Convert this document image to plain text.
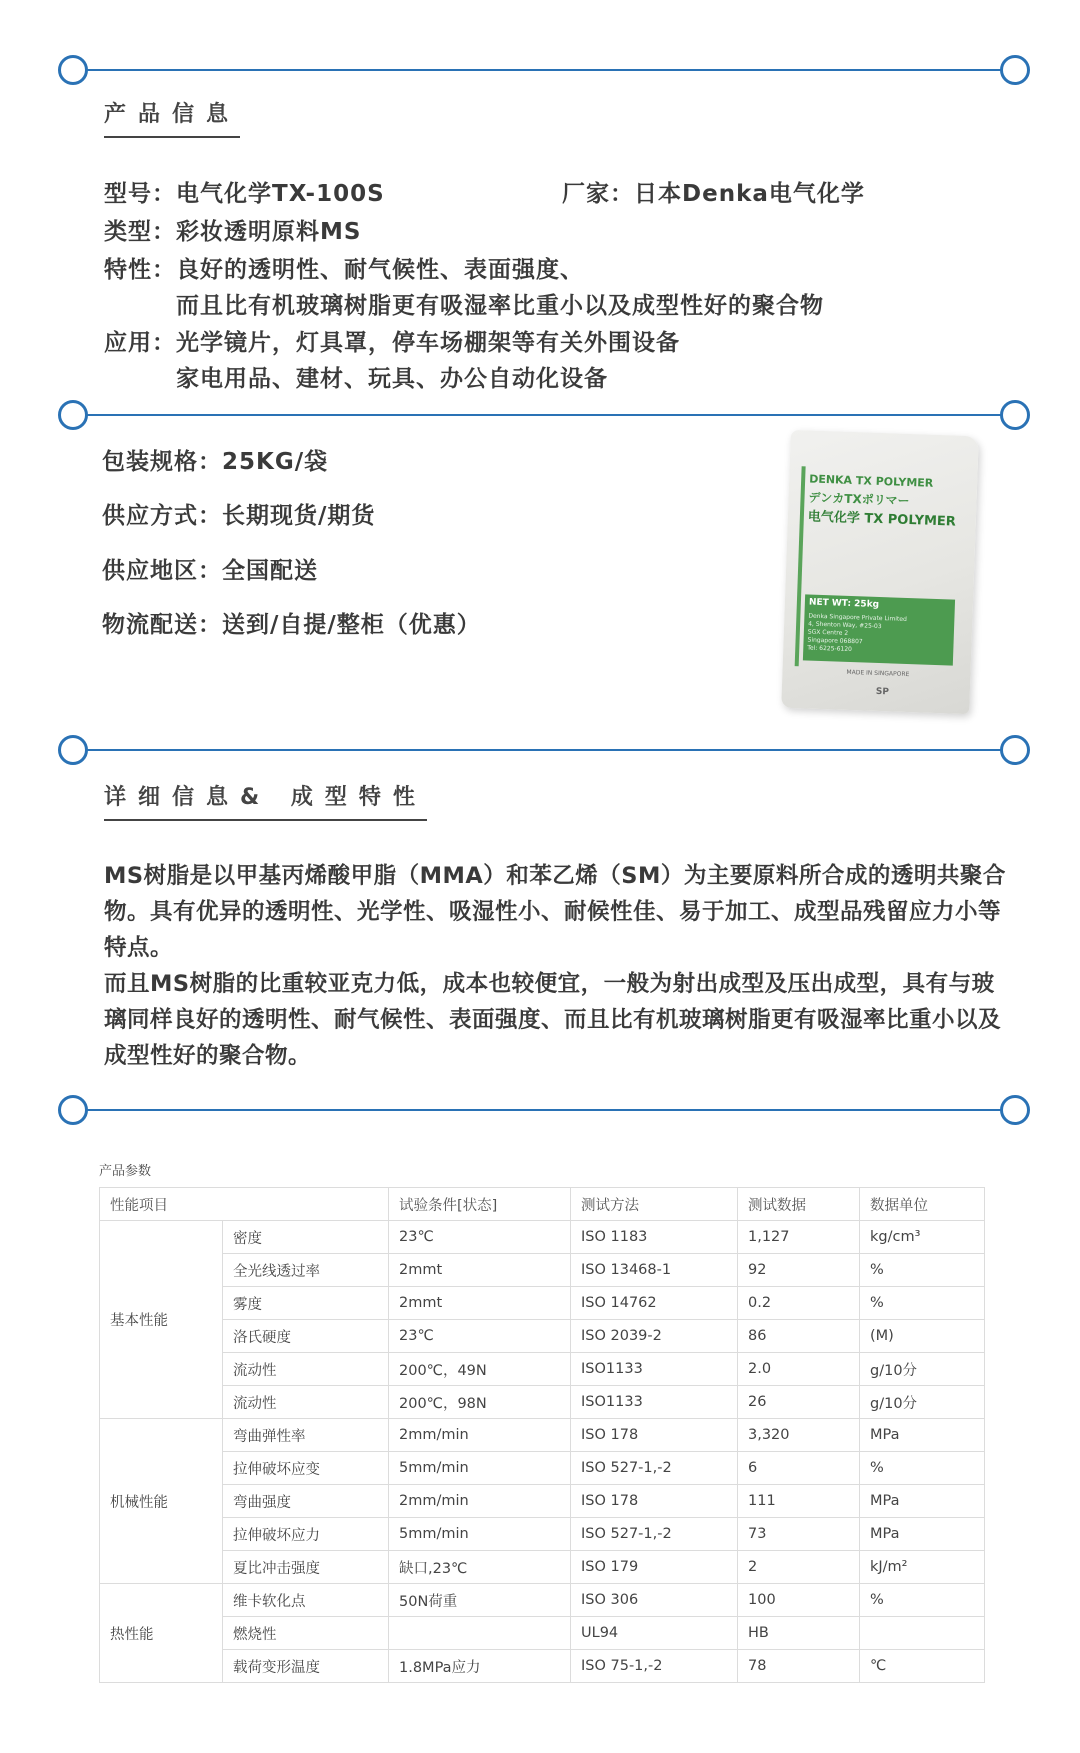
产品信息
型号：电气化学TX-100S	厂家：日本Denka电气化学
类型：彩妆透明原料MS
特性：良好的透明性、耐气候性、表面强度、
而且比有机玻璃树脂更有吸湿率比重小以及成型性好的聚合物
应用：光学镜片，灯具罩，停车场棚架等有关外围设备
家电用品、建材、玩具、办公自动化设备
包装规格：25KG/袋
供应方式：长期现货/期货
供应地区：全国配送
物流配送：送到/自提/整柜（优惠）
DENKA TX POLYMER
デンカTXポリマー
电气化学 TX POLYMER
NET WT: 25kg
Denka Singapore Private Limited
4, Shenton Way, #25-03
SGX Centre 2
Singapore 068807
Tel: 6225-6120
MADE IN SINGAPORE
SP
详细信息& 成型特性

MS树脂是以甲基丙烯酸甲脂（MMA）和苯乙烯（SM）为主要原料所合成的透明共聚合物。具有优异的透明性、光学性、吸湿性小、耐候性佳、易于加工、成型品残留应力小等特点。

而且MS树脂的比重较亚克力低，成本也较便宜，一般为射出成型及压出成型，具有与玻璃同样良好的透明性、耐气候性、表面强度、而且比有机玻璃树脂更有吸湿率比重小以及成型性好的聚合物。

产品参数
性能项目		试验条件[状态]	测试方法	测试数据	数据单位
基本性能	密度	23℃	ISO 1183	1,127	kg/cm³
	全光线透过率	2mmt	ISO 13468-1	92	%
	雾度	2mmt	ISO 14762	0.2	%
	洛氏硬度	23℃	ISO 2039-2	86	(M)
	流动性	200℃，49N	ISO1133	2.0	g/10分
	流动性	200℃，98N	ISO1133	26	g/10分
机械性能	弯曲弹性率	2mm/min	ISO 178	3,320	MPa
	拉伸破坏应变	5mm/min	ISO 527-1,-2	6	%
	弯曲强度	2mm/min	ISO 178	111	MPa
	拉伸破坏应力	5mm/min	ISO 527-1,-2	73	MPa
	夏比冲击强度	缺口,23℃	ISO 179	2	kJ/m²
热性能	维卡软化点	50N荷重	ISO 306	100	%
	燃烧性		UL94	HB	
	载荷变形温度	1.8MPa应力	ISO 75-1,-2	78	℃
